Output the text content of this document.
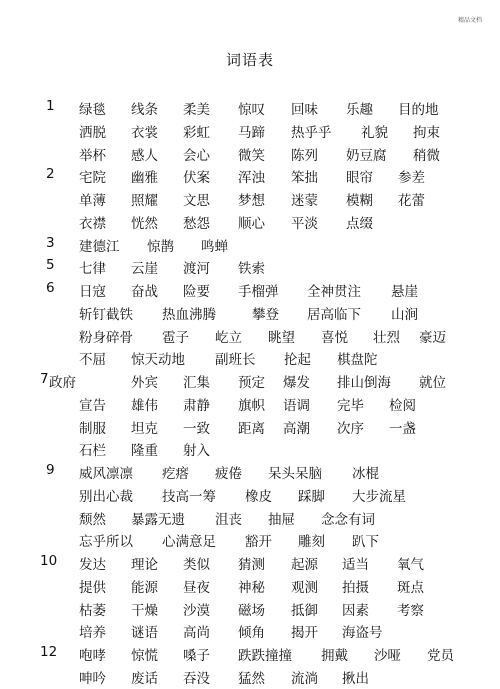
精品文档
词语表
1 绿毯 线条 柔美 惊叹 回味 乐趣 目的地
洒脱 衣裳 彩虹 马蹄 热乎乎 礼貌 拘束
举杯 感人 会心 微笑 陈列 奶豆腐 稍微
2 宅院 幽雅 伏案 浑浊 笨拙 眼帘 参差
单薄 照耀 文思 梦想 迷蒙 模糊 花蕾
衣襟 恍然 愁怨 顺心 平淡 点缀
3 建德江 惊鹊 鸣蝉
5 七律 云崖 渡河 铁索
6 日寇 奋战 险要 手榴弹 全神贯注 悬崖
斩钉截铁 热血沸腾	攀登 居高临下 山涧
粉身碎骨 雹子 屹立 眺望 喜悦 壮烈 豪迈
不屈 惊天动地 副班长 抡起 棋盘陀
7 政府	外宾 汇集 预定 爆发 排山倒海 就位
宣告 雄伟 肃静 旗帜 语调 完毕 检阅
制服 坦克 一致 距离 高潮 次序 一盏
石栏 隆重 射入
9 威风凛凛 疙瘩 疲倦 呆头呆脑 冰棍
别出心裁 技高一筹 橡皮 踩脚 大步流星
颓然 暴露无遗 沮丧 抽屉 念念有词
忘乎所以 心满意足 豁开 雕刻 趴下
10 发达 理论 类似 猜测 起源 适当 氧气
提供 能源 昼夜 神秘 观测 拍摄 斑点
枯萎 干燥 沙漠 磁场 抵御 因素 考察
培养 谜语 高尚 倾角 揭开 海盗号
12 咆哮 惊慌 嗓子 跌跌撞撞 拥戴 沙哑 党员
呻吟 废话 吞没 猛然 流淌 揪出
